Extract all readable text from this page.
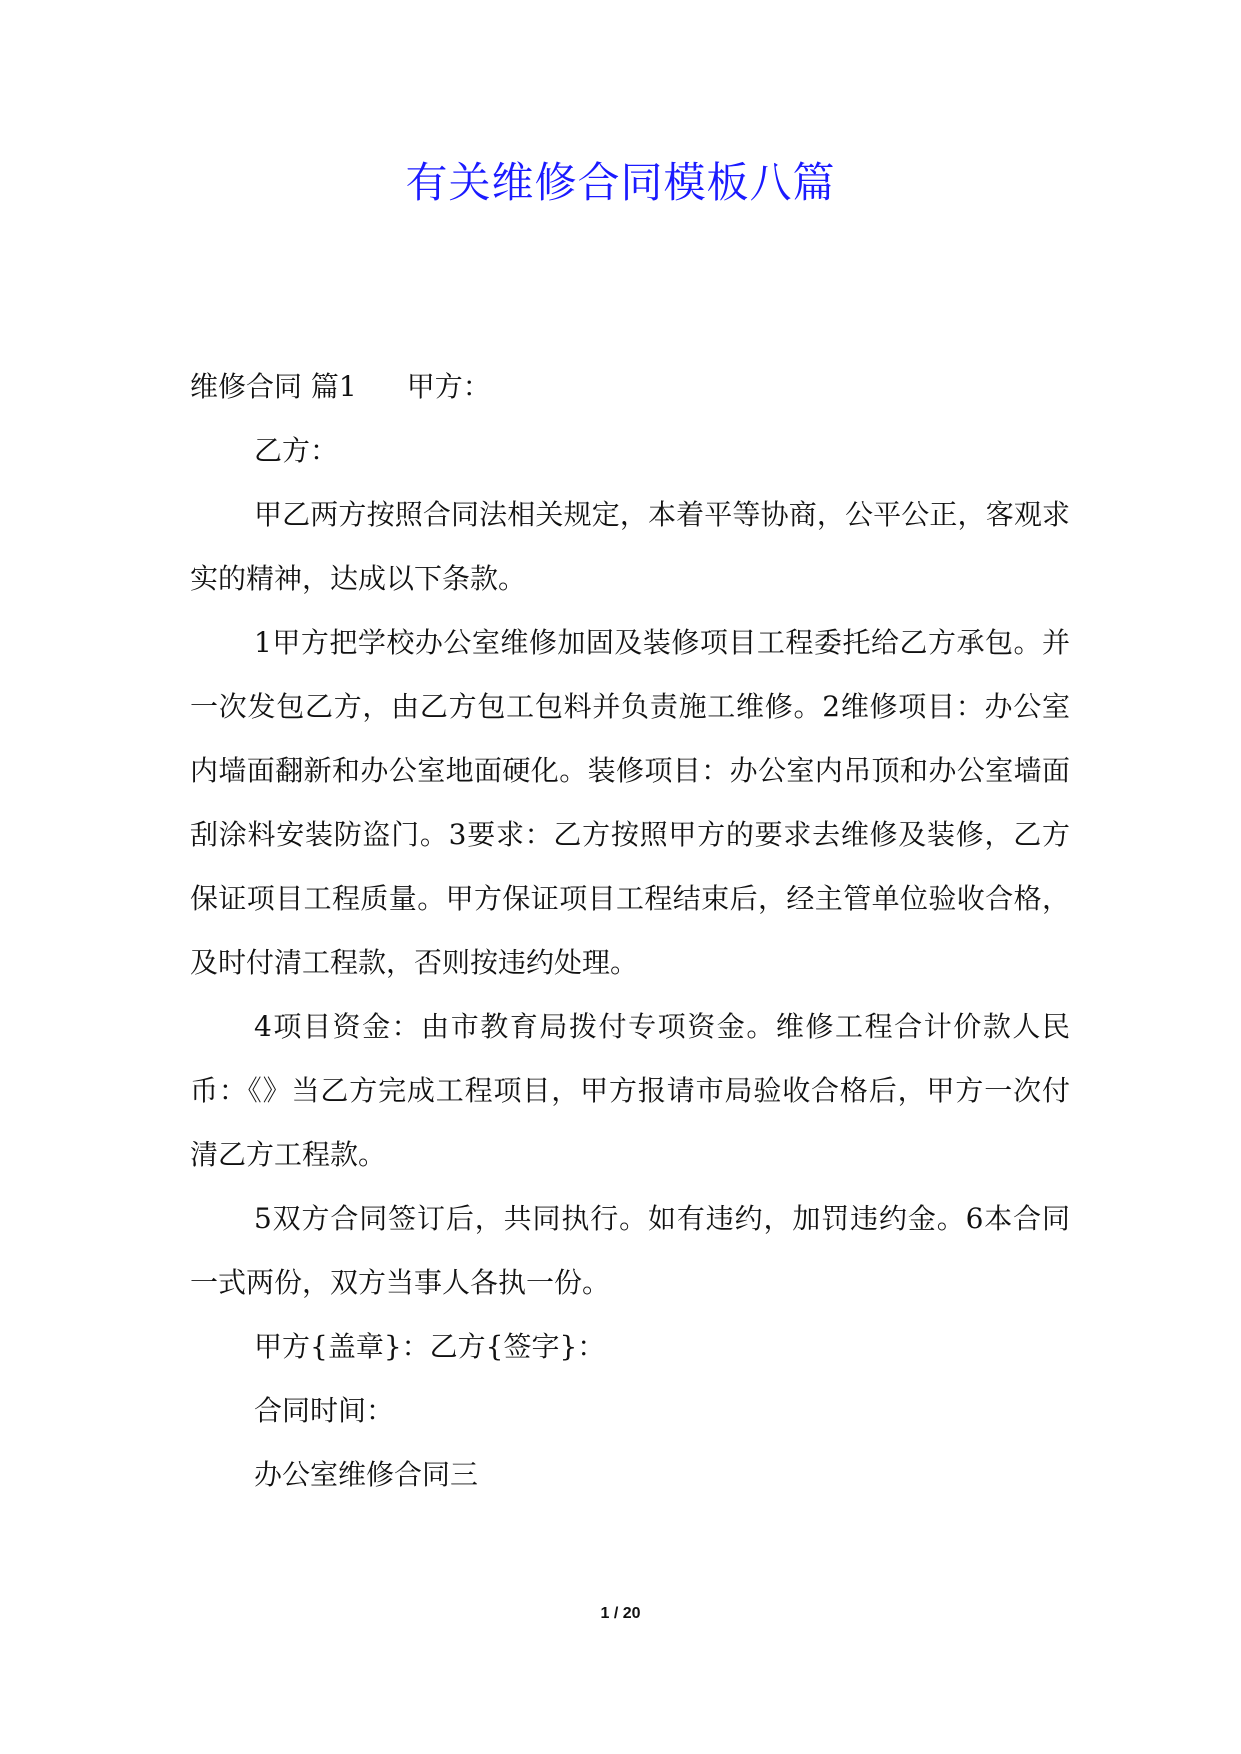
有关维修合同模板八篇

维修合同 篇1 甲方：

乙方：

甲乙两方按照合同法相关规定，本着平等协商，公平公正，客观求实的精神，达成以下条款。

1甲方把学校办公室维修加固及装修项目工程委托给乙方承包。并一次发包乙方，由乙方包工包料并负责施工维修。2维修项目：办公室内墙面翻新和办公室地面硬化。装修项目：办公室内吊顶和办公室墙面刮涂料安装防盗门。3要求：乙方按照甲方的要求去维修及装修，乙方保证项目工程质量。甲方保证项目工程结束后，经主管单位验收合格，及时付清工程款，否则按违约处理。

4项目资金：由市教育局拨付专项资金。维修工程合计价款人民币：《》当乙方完成工程项目，甲方报请市局验收合格后，甲方一次付清乙方工程款。

5双方合同签订后，共同执行。如有违约，加罚违约金。6本合同一式两份，双方当事人各执一份。

甲方{盖章}：乙方{签字}：

合同时间：

办公室维修合同三

1 / 20
